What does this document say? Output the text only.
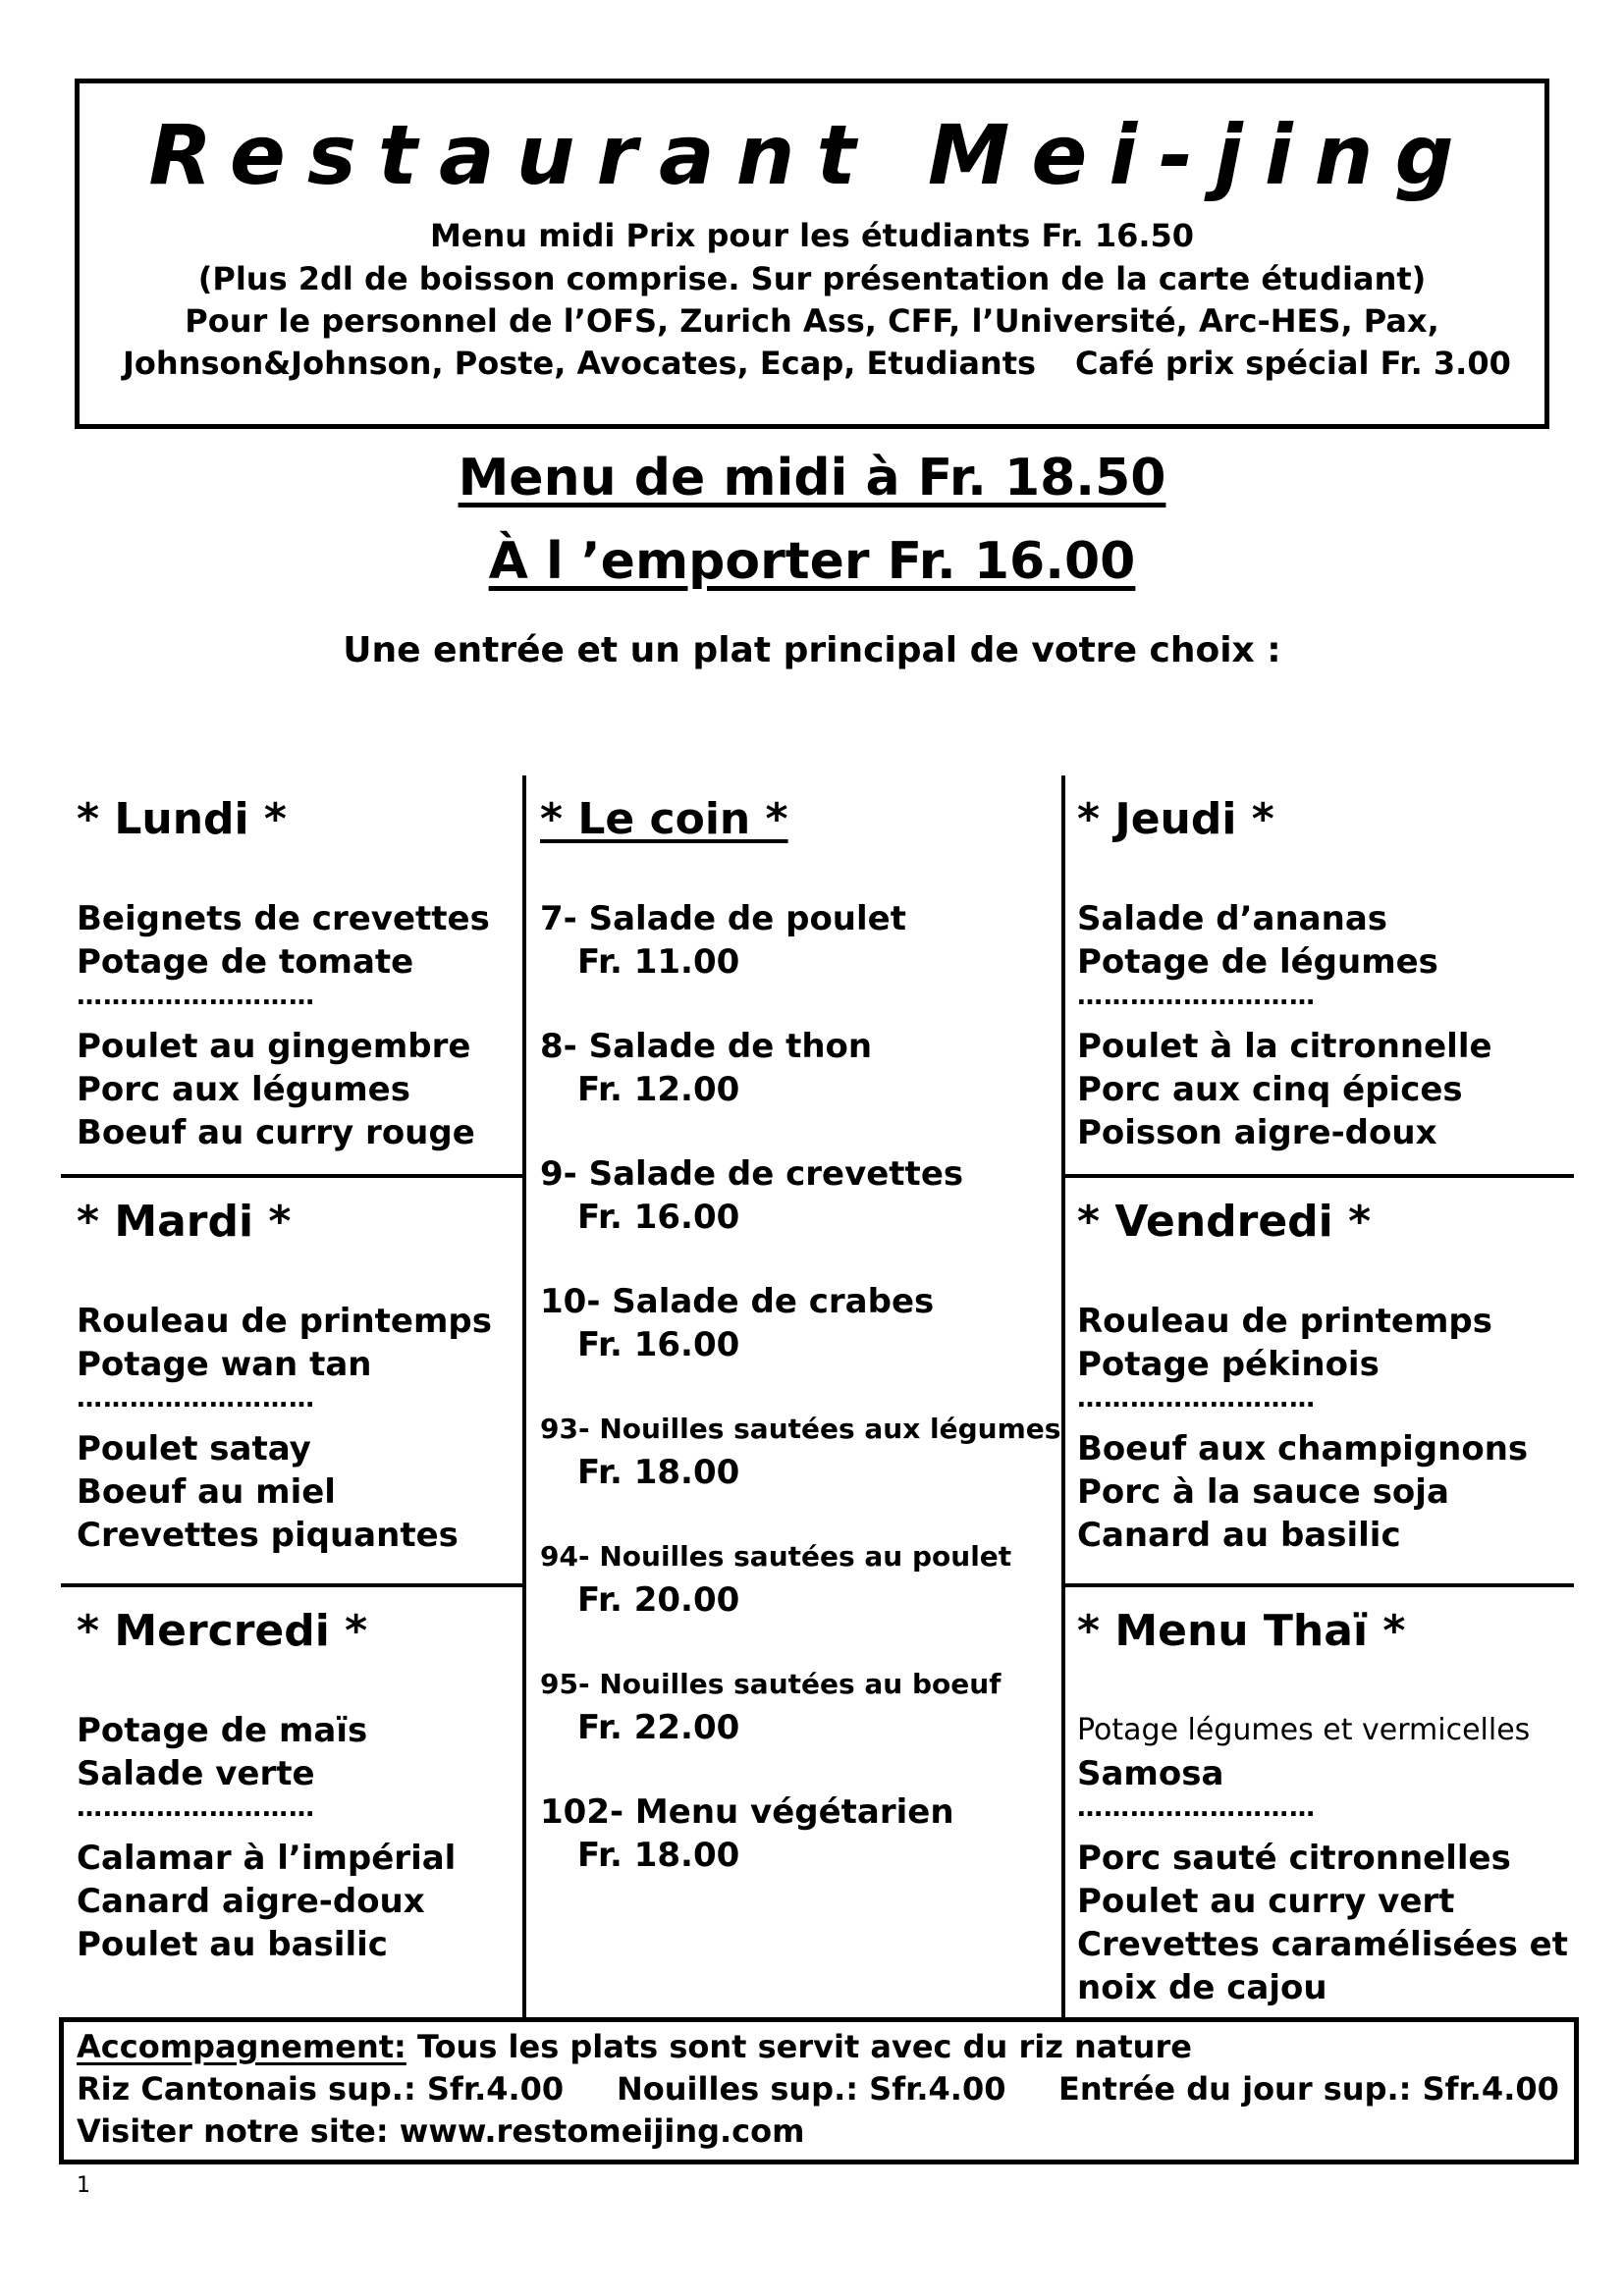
Restaurant Mei-jing
Menu midi Prix pour les étudiants Fr. 16.50
(Plus 2dl de boisson comprise. Sur présentation de la carte étudiant)
Pour le personnel de l’OFS, Zurich Ass, CFF, l’Université, Arc-HES, Pax,
Johnson&Johnson, Poste, Avocates, Ecap, Etudiants Café prix spécial Fr. 3.00
Menu de midi à Fr. 18.50
À l ’emporter Fr. 16.00
Une entrée et un plat principal de votre choix :
* Lundi *
Beignets de crevettes
Potage de tomate
………………………
Poulet au gingembre
Porc aux légumes
Boeuf au curry rouge
* Mardi *
Rouleau de printemps
Potage wan tan
………………………
Poulet satay
Boeuf au miel
Crevettes piquantes
* Mercredi *
Potage de maïs
Salade verte
………………………
Calamar à l’impérial
Canard aigre-doux
Poulet au basilic
* Le coin *
7- Salade de poulet
Fr. 11.00
8- Salade de thon
Fr. 12.00
9- Salade de crevettes
Fr. 16.00
10- Salade de crabes
Fr. 16.00
93- Nouilles sautées aux légumes
Fr. 18.00
94- Nouilles sautées au poulet
Fr. 20.00
95- Nouilles sautées au boeuf
Fr. 22.00
102- Menu végétarien
Fr. 18.00
* Jeudi *
Salade d’ananas
Potage de légumes
………………………
Poulet à la citronnelle
Porc aux cinq épices
Poisson aigre-doux
* Vendredi *
Rouleau de printemps
Potage pékinois
………………………
Boeuf aux champignons
Porc à la sauce soja
Canard au basilic
* Menu Thaï *
Potage légumes et vermicelles
Samosa
………………………
Porc sauté citronnelles
Poulet au curry vert
Crevettes caramélisées et
noix de cajou
Accompagnement: Tous les plats sont servit avec du riz nature
Riz Cantonais sup.: Sfr.4.00 Nouilles sup.: Sfr.4.00 Entrée du jour sup.: Sfr.4.00
Visiter notre site: www.restomeijing.com
1
